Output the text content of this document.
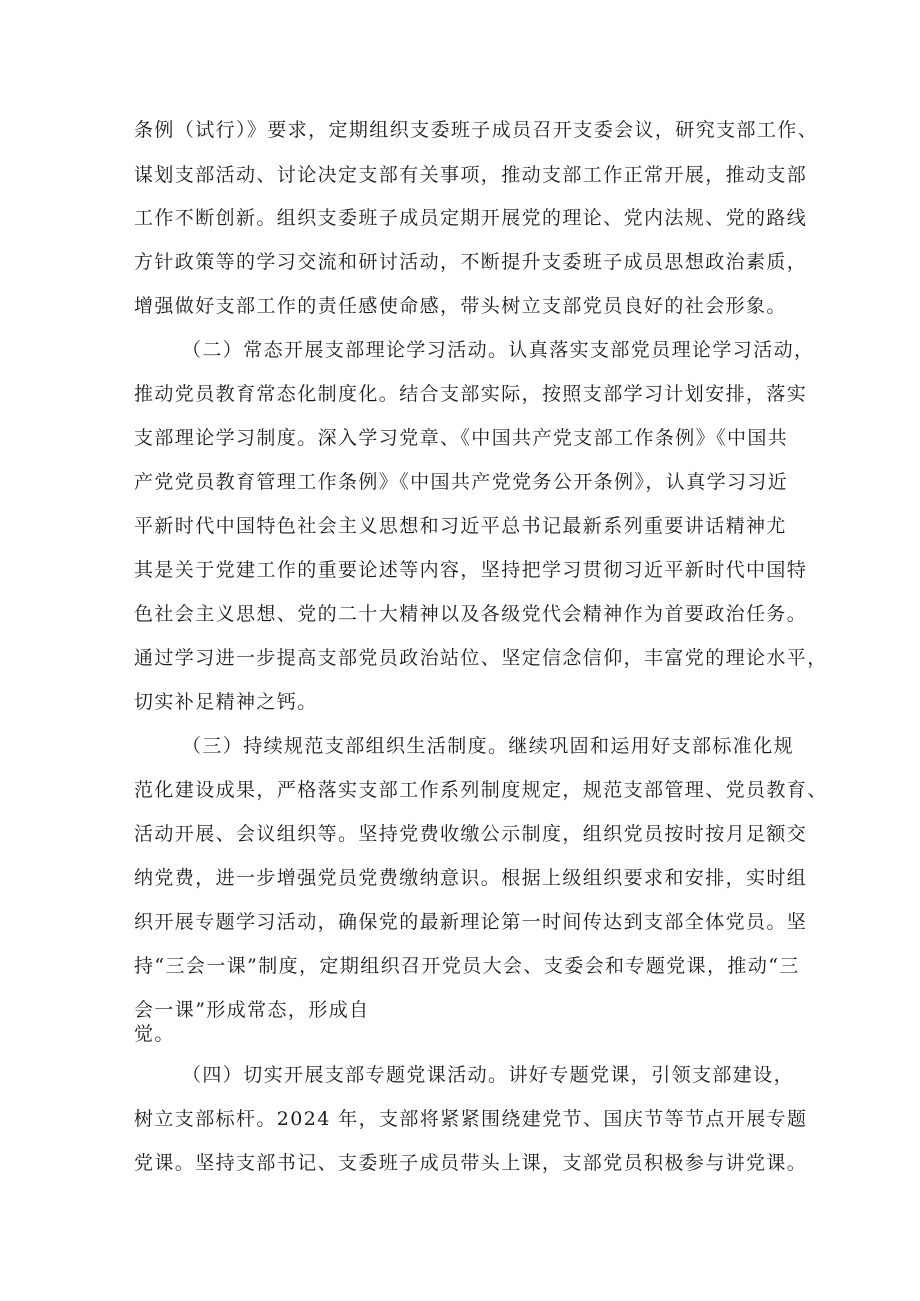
条例（试行）》要求，定期组织支委班子成员召开支委会议，研究支部工作、
谋划支部活动、讨论决定支部有关事项，推动支部工作正常开展，推动支部
工作不断创新。组织支委班子成员定期开展党的理论、党内法规、党的路线
方针政策等的学习交流和研讨活动，不断提升支委班子成员思想政治素质，
增强做好支部工作的责任感使命感，带头树立支部党员良好的社会形象。
（二）常态开展支部理论学习活动。认真落实支部党员理论学习活动，
推动党员教育常态化制度化。结合支部实际，按照支部学习计划安排，落实
支部理论学习制度。深入学习党章、《中国共产党支部工作条例》《中国共
产党党员教育管理工作条例》《中国共产党党务公开条例》，认真学习习近
平新时代中国特色社会主义思想和习近平总书记最新系列重要讲话精神尤
其是关于党建工作的重要论述等内容，坚持把学习贯彻习近平新时代中国特
色社会主义思想、党的二十大精神以及各级党代会精神作为首要政治任务。
通过学习进一步提高支部党员政治站位、坚定信念信仰，丰富党的理论水平，
切实补足精神之钙。
（三）持续规范支部组织生活制度。继续巩固和运用好支部标准化规
范化建设成果，严格落实支部工作系列制度规定，规范支部管理、党员教育、
活动开展、会议组织等。坚持党费收缴公示制度，组织党员按时按月足额交
纳党费，进一步增强党员党费缴纳意识。根据上级组织要求和安排，实时组
织开展专题学习活动，确保党的最新理论第一时间传达到支部全体党员。坚
持“三会一课”制度，定期组织召开党员大会、支委会和专题党课，推动“三
会一课”形成常态，形成自
觉。
（四）切实开展支部专题党课活动。讲好专题党课，引领支部建设，
树立支部标杆。2024 年，支部将紧紧围绕建党节、国庆节等节点开展专题
党课。坚持支部书记、支委班子成员带头上课，支部党员积极参与讲党课。
